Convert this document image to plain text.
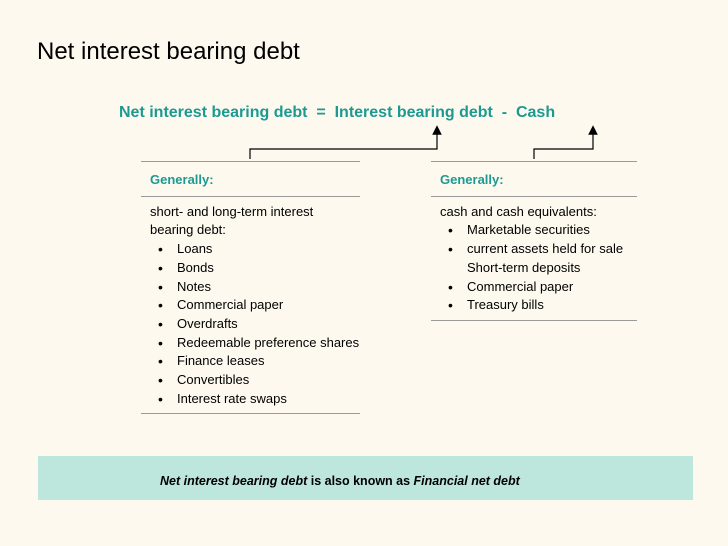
Net interest bearing debt
Net interest bearing debt = Interest bearing debt - Cash
Generally:
short- and long-term interest bearing debt:
• Loans
• Bonds
• Notes
• Commercial paper
• Overdrafts
• Redeemable preference shares
• Finance leases
• Convertibles
• Interest rate swaps
Generally:
cash and cash equivalents:
• Marketable securities
• current assets held for sale Short-term deposits
• Commercial paper
• Treasury bills
Net interest bearing debt is also known as Financial net debt
